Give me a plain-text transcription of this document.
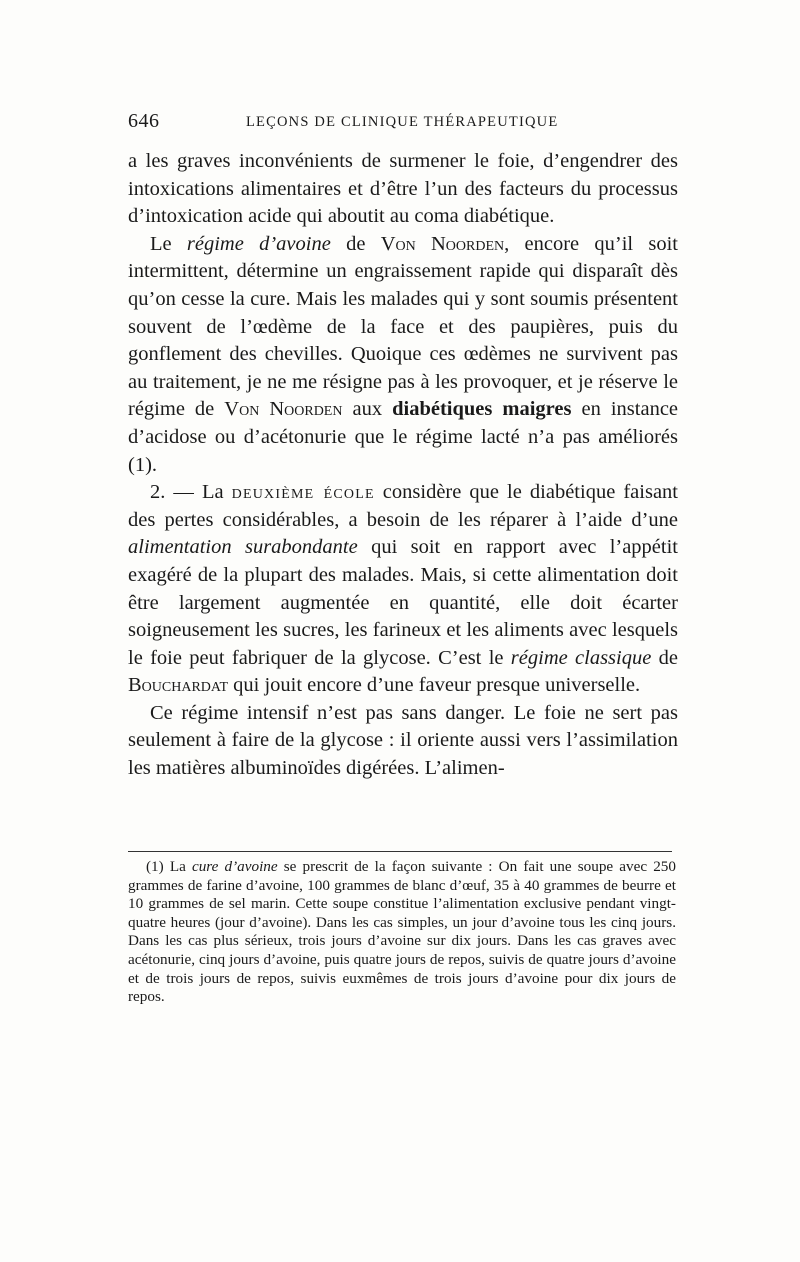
646	LEÇONS DE CLINIQUE THÉRAPEUTIQUE

a les graves inconvénients de surmener le foie, d’engendrer des intoxications alimentaires et d’être l’un des facteurs du processus d’intoxication acide qui aboutit au coma diabétique.

Le régime d’avoine de Von Noorden, encore qu’il soit intermittent, détermine un engraissement rapide qui disparaît dès qu’on cesse la cure. Mais les malades qui y sont soumis présentent souvent de l’œdème de la face et des paupières, puis du gonflement des chevilles. Quoique ces œdèmes ne survivent pas au traitement, je ne me résigne pas à les provoquer, et je réserve le régime de Von Noorden aux diabétiques maigres en instance d’acidose ou d’acétonurie que le régime lacté n’a pas améliorés (1).

2. — La deuxième école considère que le diabétique faisant des pertes considérables, a besoin de les réparer à l’aide d’une alimentation surabondante qui soit en rapport avec l’appétit exagéré de la plupart des malades. Mais, si cette alimentation doit être largement augmentée en quantité, elle doit écarter soigneusement les sucres, les farineux et les aliments avec lesquels le foie peut fabriquer de la glycose. C’est le régime classique de Bouchardat qui jouit encore d’une faveur presque universelle.

Ce régime intensif n’est pas sans danger. Le foie ne sert pas seulement à faire de la glycose : il oriente aussi vers l’assimilation les matières albuminoïdes digérées. L’alimen-

(1) La cure d’avoine se prescrit de la façon suivante : On fait une soupe avec 250 grammes de farine d’avoine, 100 grammes de blanc d’œuf, 35 à 40 grammes de beurre et 10 grammes de sel marin. Cette soupe constitue l’alimentation exclusive pendant vingt-quatre heures (jour d’avoine). Dans les cas simples, un jour d’avoine tous les cinq jours. Dans les cas plus sérieux, trois jours d’avoine sur dix jours. Dans les cas graves avec acétonurie, cinq jours d’avoine, puis quatre jours de repos, suivis de quatre jours d’avoine et de trois jours de repos, suivis euxmêmes de trois jours d’avoine pour dix jours de repos.
